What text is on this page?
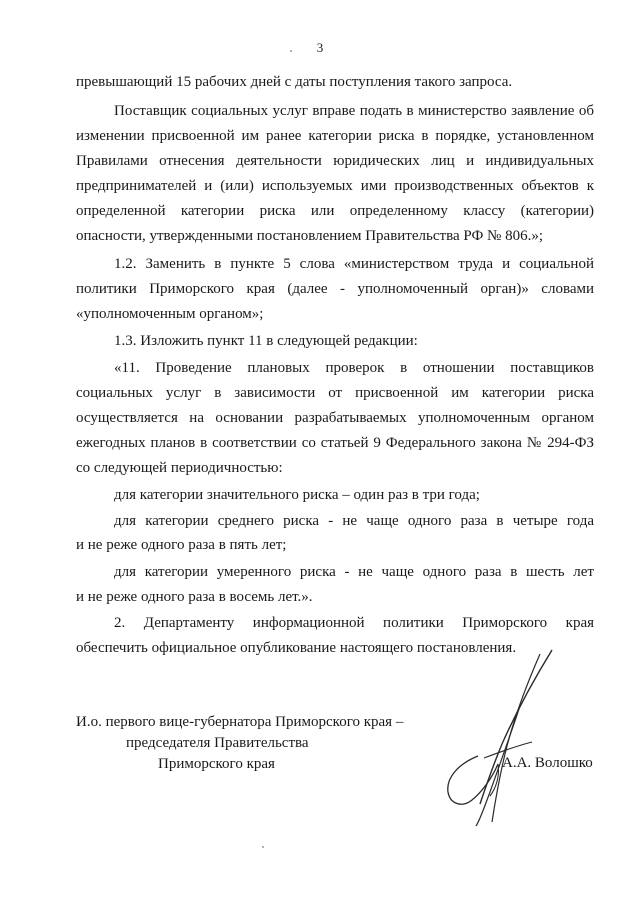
3
превышающий 15 рабочих дней с даты поступления такого запроса.
Поставщик социальных услуг вправе подать в министерство заявление об
изменении присвоенной им ранее категории риска в порядке, установленном
Правилами отнесения деятельности юридических лиц и индивидуальных
предпринимателей и (или) используемых ими производственных объектов к
определенной категории риска или определенному классу (категории)
опасности, утвержденными постановлением Правительства РФ № 806.»;
1.2. Заменить в пункте 5 слова «министерством труда и социальной
политики Приморского края (далее - уполномоченный орган)» словами
«уполномоченным органом»;
1.3. Изложить пункт 11 в следующей редакции:
«11. Проведение плановых проверок в отношении поставщиков
социальных услуг в зависимости от присвоенной им категории риска
осуществляется на основании разрабатываемых уполномоченным органом
ежегодных планов в соответствии со статьей 9 Федерального закона № 294-ФЗ
со следующей периодичностью:
для категории значительного риска – один раз в три года;
для категории среднего риска - не чаще одного раза в четыре года
и не реже одного раза в пять лет;
для категории умеренного риска - не чаще одного раза в шесть лет
и не реже одного раза в восемь лет.».
2. Департаменту информационной политики Приморского края
обеспечить официальное опубликование настоящего постановления.
И.о. первого вице-губернатора Приморского края –
председателя Правительства
Приморского края	А.А. Волошко
